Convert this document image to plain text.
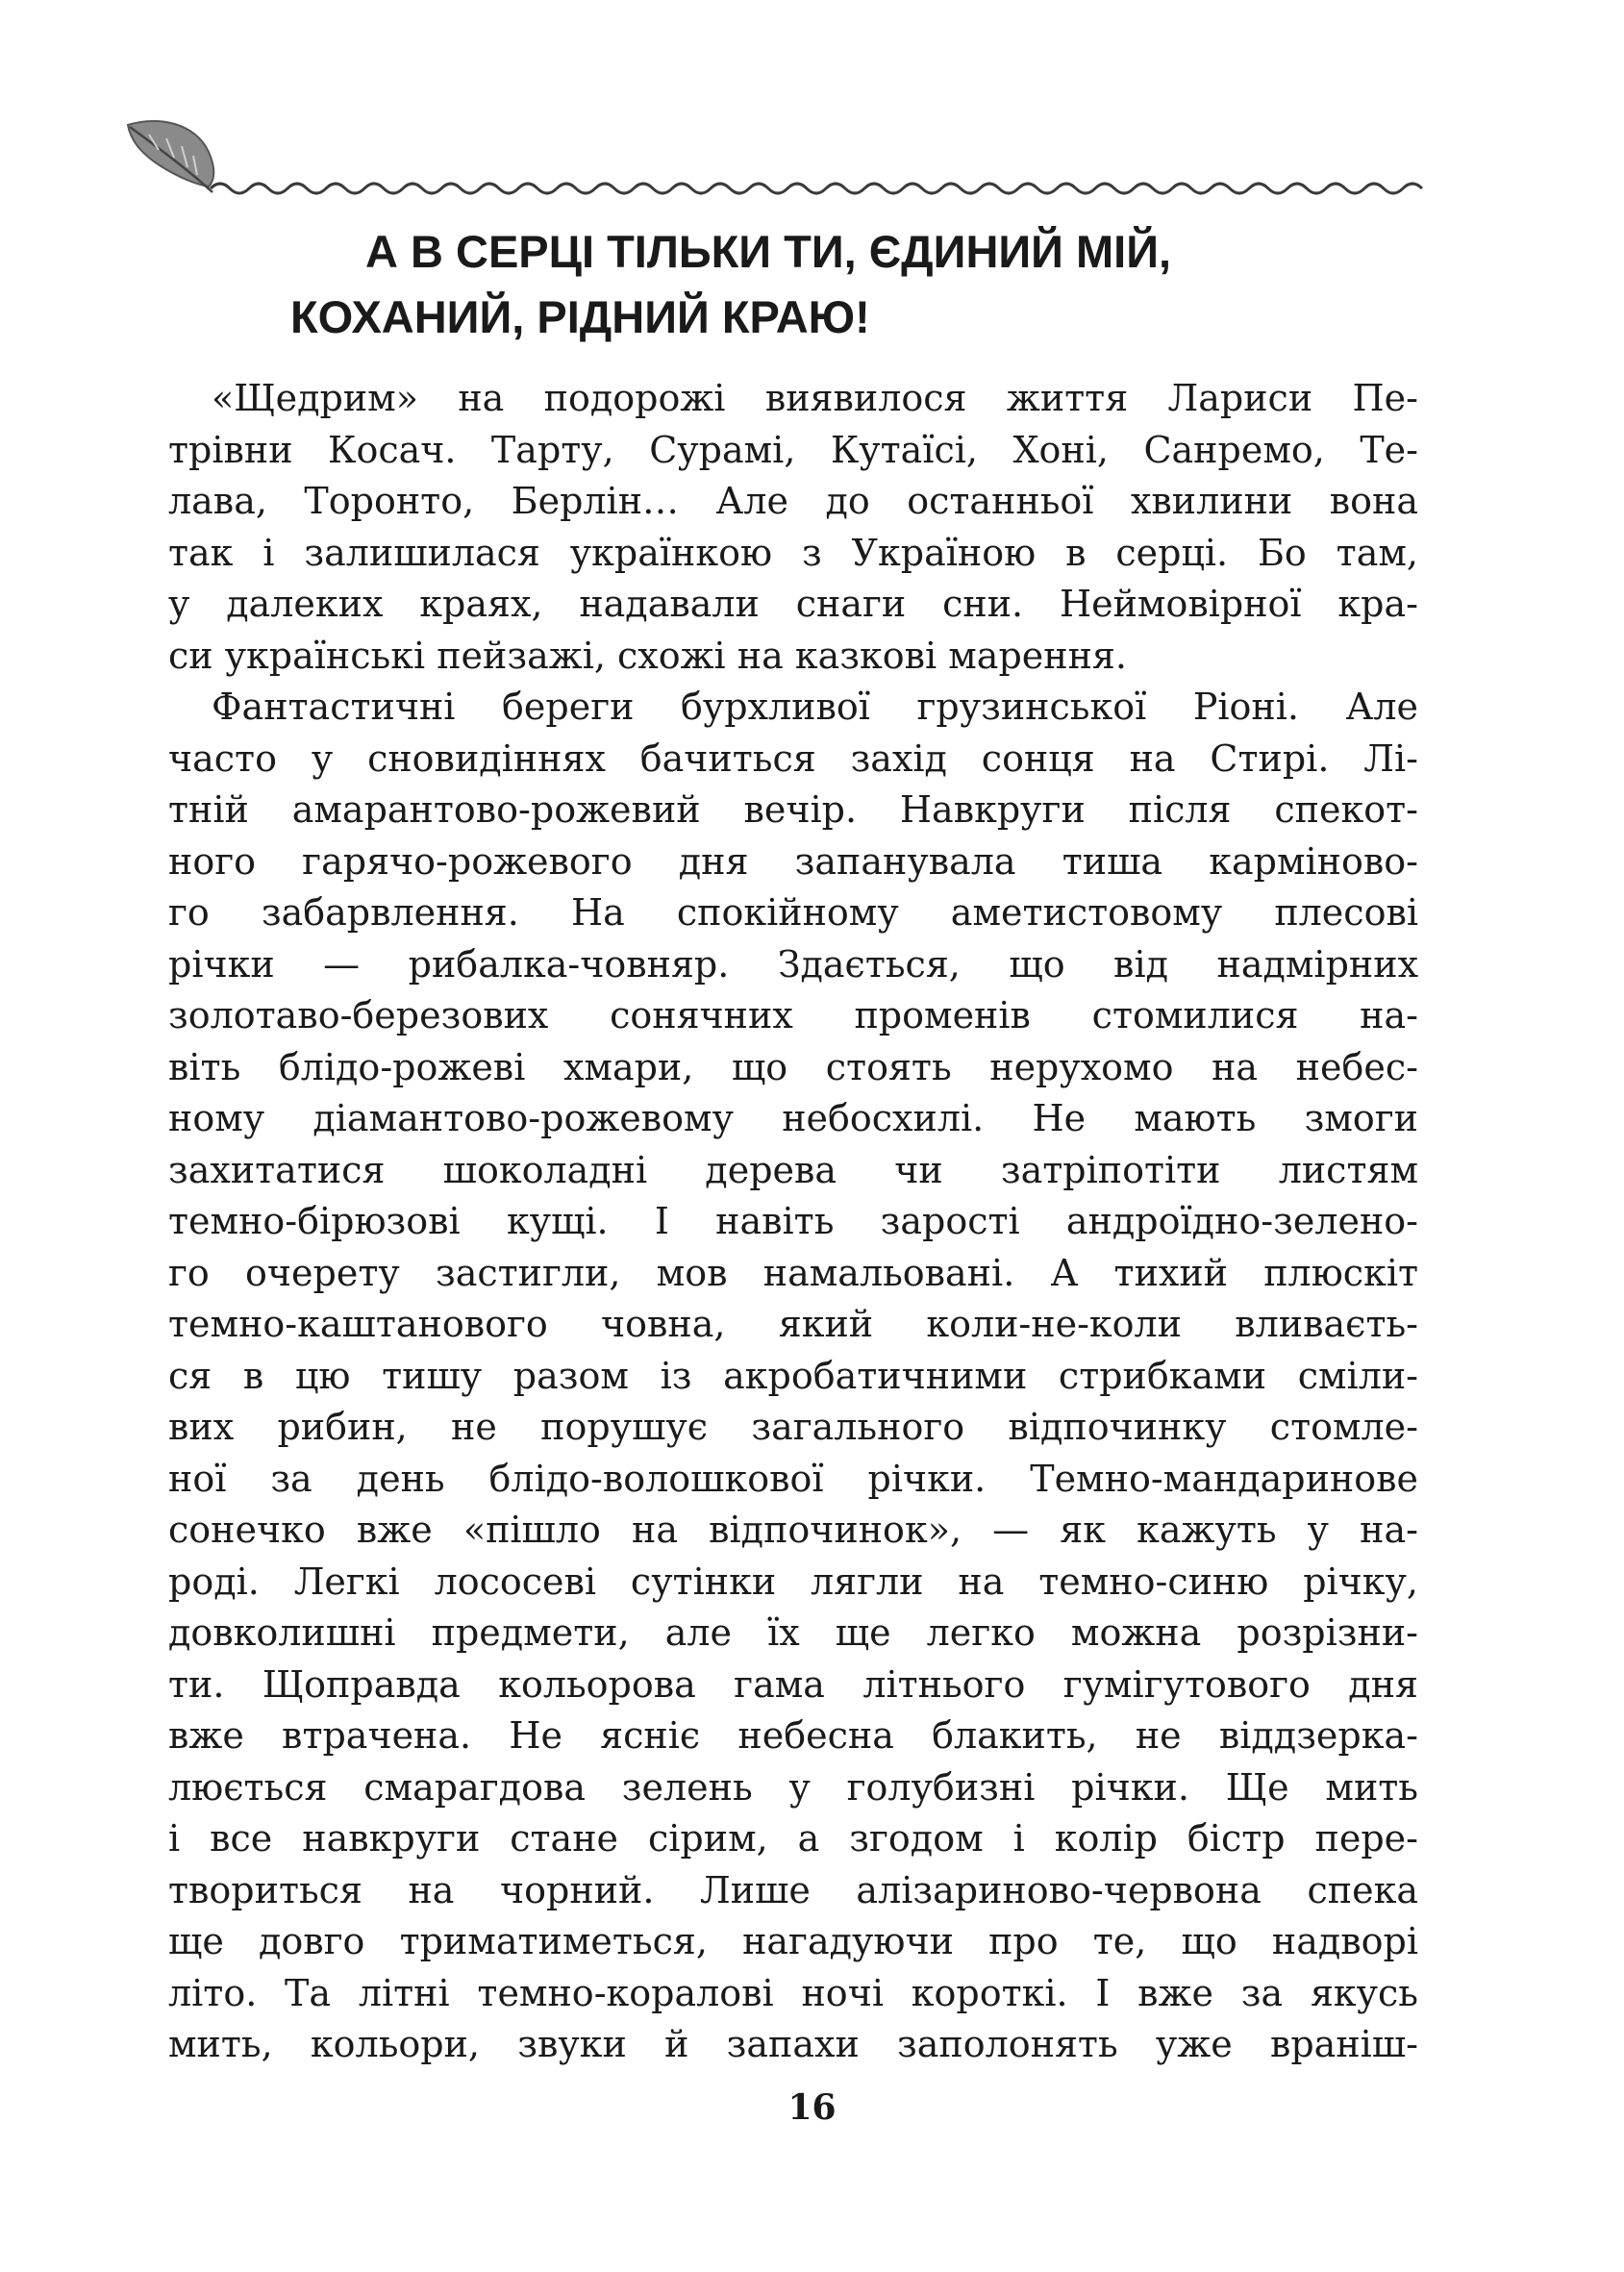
А В СЕРЦІ ТІЛЬКИ ТИ, ЄДИНИЙ МІЙ,
КОХАНИЙ, РІДНИЙ КРАЮ!
«Щедрим» на подорожі виявилося життя Лариси Пе-
трівни Косач. Тарту, Сурамі, Кутаїсі, Хоні, Санремо, Те-
лава, Торонто, Берлін… Але до останньої хвилини вона
так і залишилася українкою з Україною в серці. Бо там,
у далеких краях, надавали снаги сни. Неймовірної кра-
си українські пейзажі, схожі на казкові марення.
Фантастичні береги бурхливої грузинської Ріоні. Але
часто у сновидіннях бачиться захід сонця на Стирі. Лі-
тній амарантово-рожевий вечір. Навкруги після спекот-
ного гарячо-рожевого дня запанувала тиша карміново-
го забарвлення. На спокійному аметистовому плесові
річки — рибалка-човняр. Здається, що від надмірних
золотаво-березових сонячних променів стомилися на-
віть блідо-рожеві хмари, що стоять нерухомо на небес-
ному діамантово-рожевому небосхилі. Не мають змоги
захитатися шоколадні дерева чи затріпотіти листям
темно-бірюзові кущі. І навіть зарості андроїдно-зелено-
го очерету застигли, мов намальовані. А тихий плюскіт
темно-каштанового човна, який коли-не-коли вливаєть-
ся в цю тишу разом із акробатичними стрибками сміли-
вих рибин, не порушує загального відпочинку стомле-
ної за день блідо-волошкової річки. Темно-мандаринове
сонечко вже «пішло на відпочинок», — як кажуть у на-
роді. Легкі лососеві сутінки лягли на темно-синю річку,
довколишні предмети, але їх ще легко можна розрізни-
ти. Щоправда кольорова гама літнього гумігутового дня
вже втрачена. Не ясніє небесна блакить, не віддзерка-
люється смарагдова зелень у голубизні річки. Ще мить
і все навкруги стане сірим, а згодом і колір бістр пере-
твориться на чорний. Лише алізариново-червона спека
ще довго триматиметься, нагадуючи про те, що надворі
літо. Та літні темно-коралові ночі короткі. І вже за якусь
мить, кольори, звуки й запахи заполонять уже враніш-
16
